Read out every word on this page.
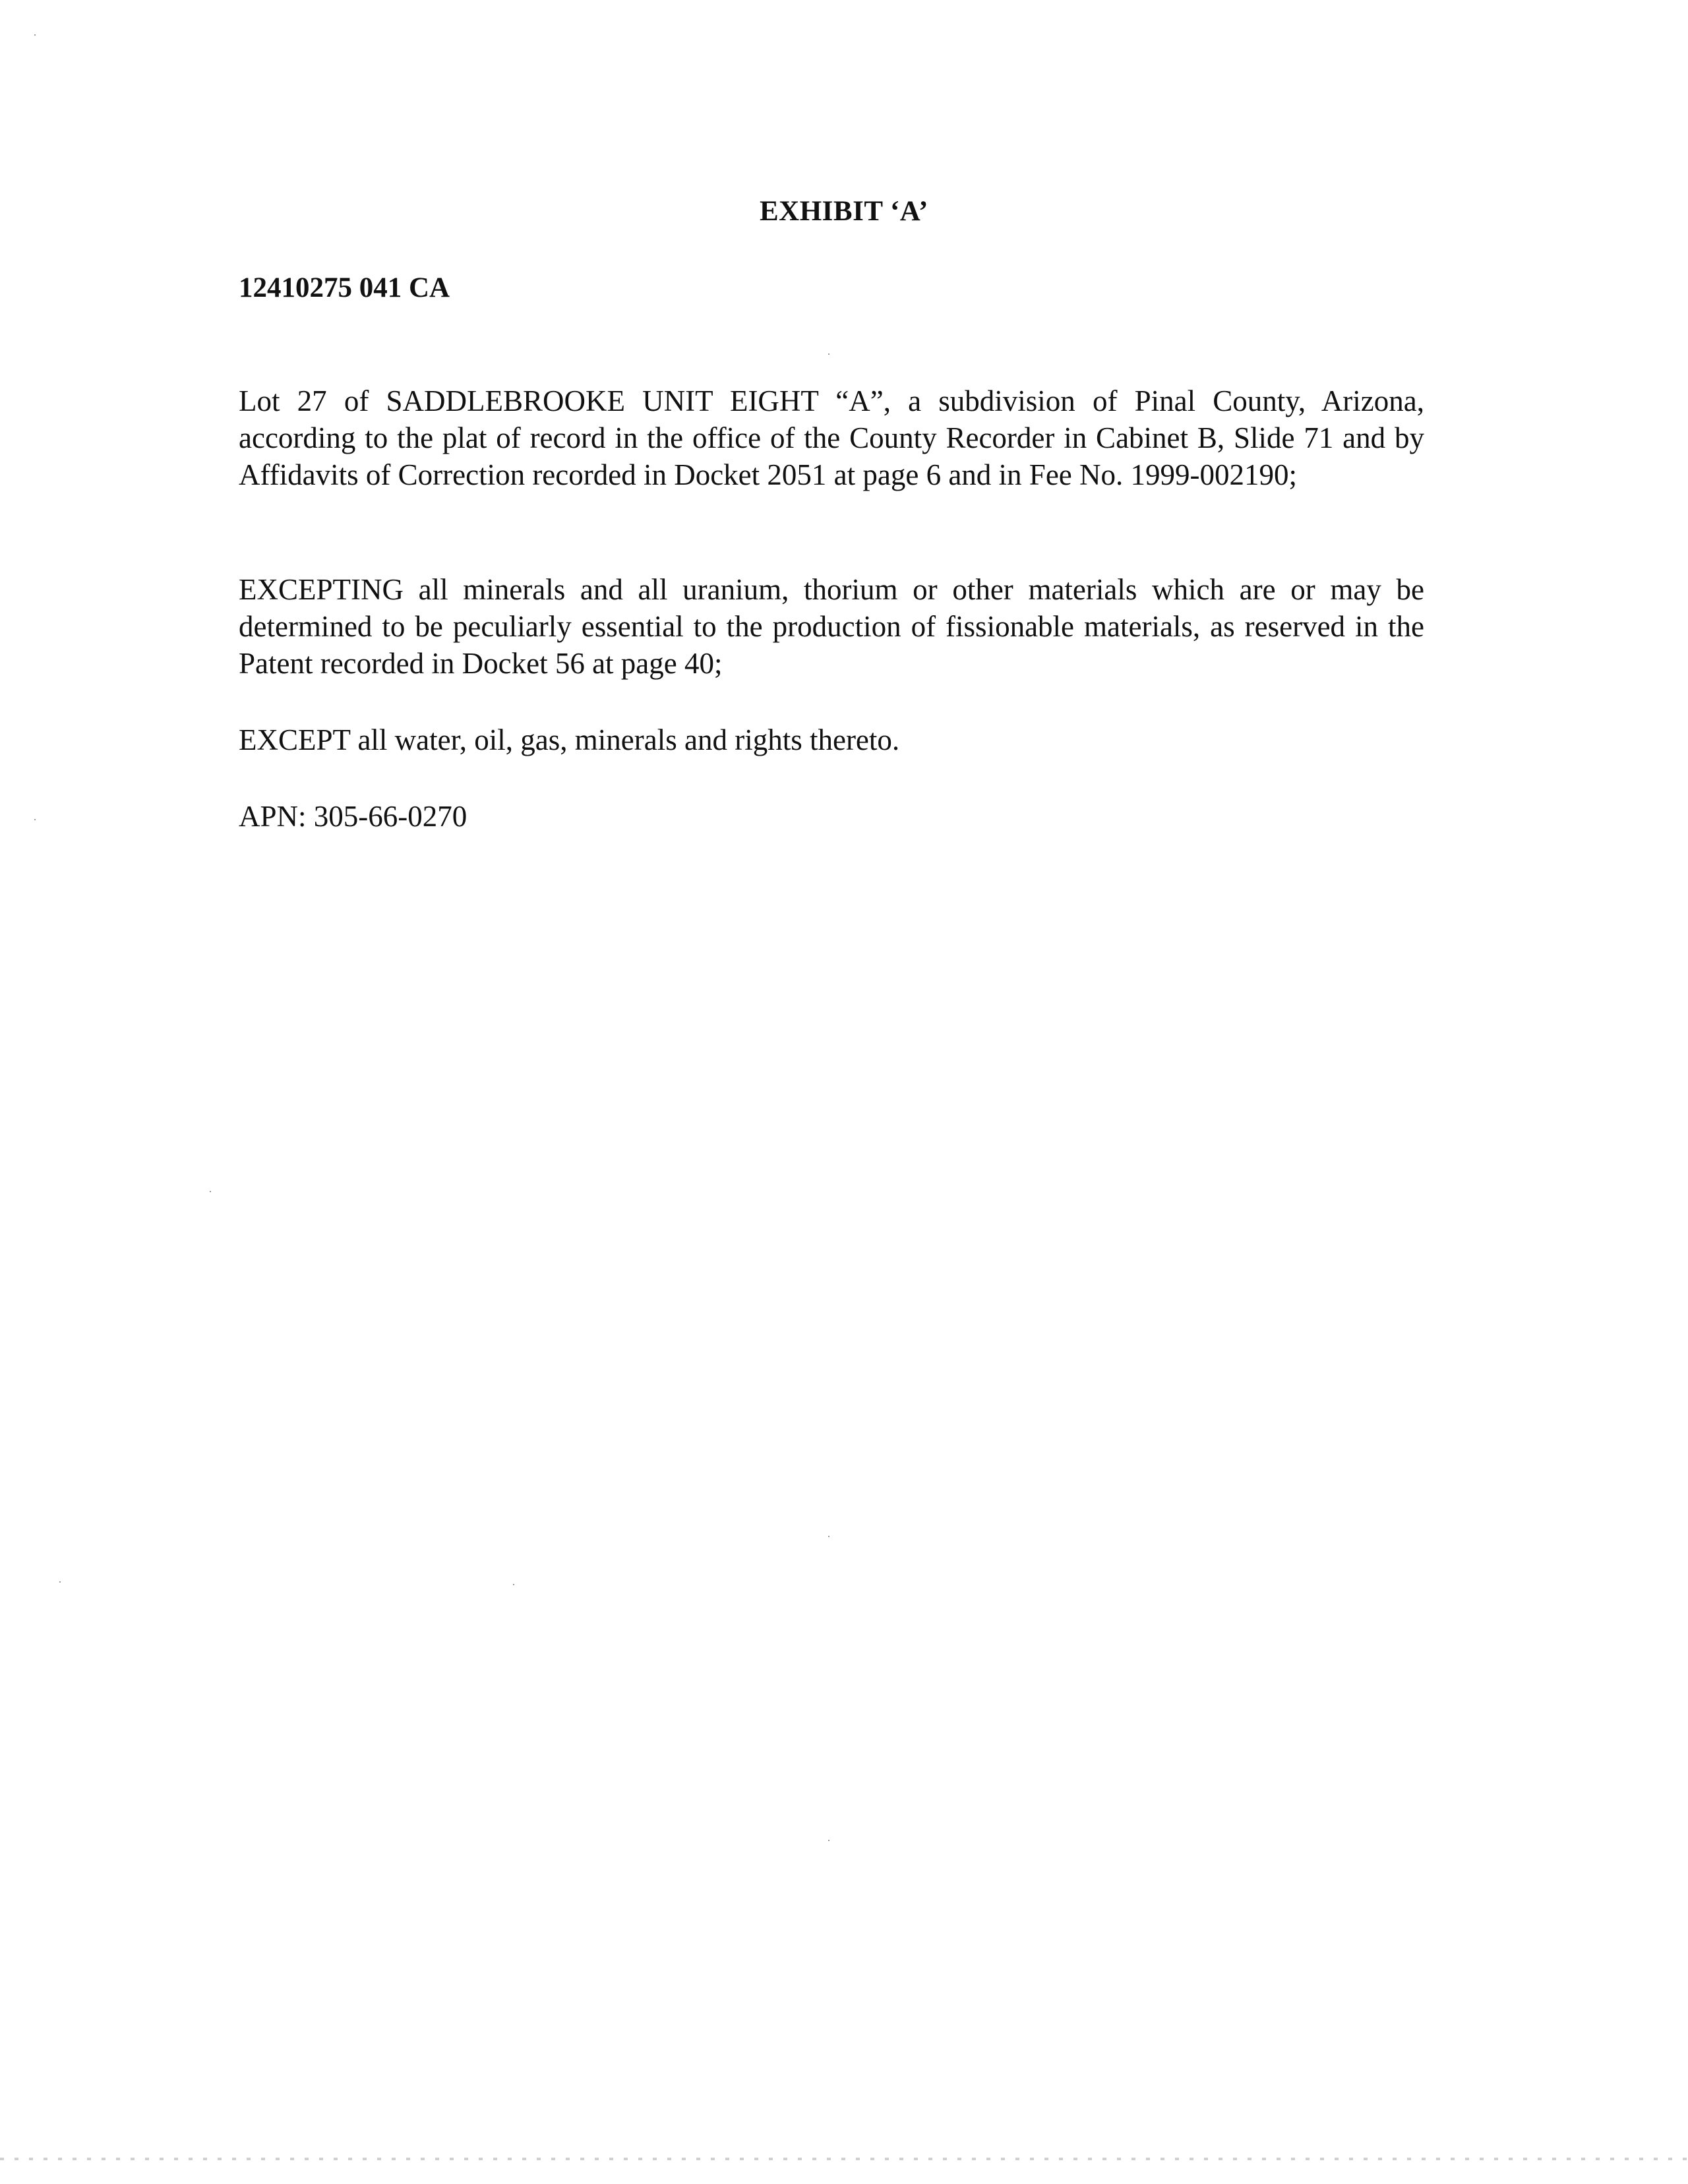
EXHIBIT ‘A’
12410275 041 CA

Lot 27 of SADDLEBROOKE UNIT EIGHT “A”, a subdivision of Pinal County, Arizona, according to the plat of record in the office of the County Recorder in Cabinet B, Slide 71 and by Affidavits of Correction recorded in Docket 2051 at page 6 and in Fee No. 1999-002190;

EXCEPTING all minerals and all uranium, thorium or other materials which are or may be determined to be peculiarly essential to the production of fissionable materials, as reserved in the Patent recorded in Docket 56 at page 40;

EXCEPT all water, oil, gas, minerals and rights thereto.

APN: 305-66-0270
